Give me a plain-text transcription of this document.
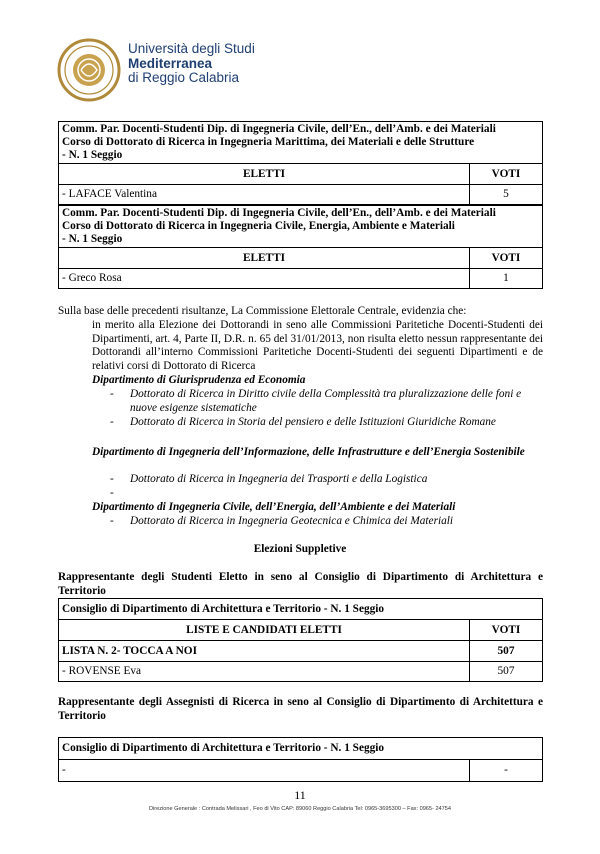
Università degli Studi
Mediterranea
di Reggio Calabria
Comm. Par. Docenti-Studenti Dip. di Ingegneria Civile, dell’En., dell’Amb. e dei Materiali
Corso di Dottorato di Ricerca in Ingegneria Marittima, dei Materiali e delle Strutture
- N. 1 Seggio	

ELETTI	VOTI
- LAFACE Valentina	5
Comm. Par. Docenti-Studenti Dip. di Ingegneria Civile, dell’En., dell’Amb. e dei Materiali
Corso di Dottorato di Ricerca in Ingegneria Civile, Energia, Ambiente e Materiali
- N. 1 Seggio	

ELETTI	VOTI
- Greco Rosa	1
Sulla base delle precedenti risultanze, La Commissione Elettorale Centrale, evidenzia che:
in merito alla Elezione dei Dottorandi in seno alle Commissioni Paritetiche Docenti-Studenti dei Dipartimenti, art. 4, Parte II, D.R. n. 65 del 31/01/2013, non risulta eletto nessun rappresentante dei Dottorandi all’interno Commissioni Paritetiche Docenti-Studenti dei seguenti Dipartimenti e de relativi corsi di Dottorato di Ricerca
Dipartimento di Giurisprudenza ed Economia
- Dottorato di Ricerca in Diritto civile della Complessità tra pluralizzazione delle foni e nuove esigenze sistematiche
- Dottorato di Ricerca in Storia del pensiero e delle Istituzioni Giuridiche Romane
Dipartimento di Ingegneria dell’Informazione, delle Infrastrutture e dell’Energia Sostenibile
- Dottorato di Ricerca in Ingegneria dei Trasporti e della Logistica
-
Dipartimento di Ingegneria Civile, dell’Energia, dell’Ambiente e dei Materiali
- Dottorato di Ricerca in Ingegneria Geotecnica e Chimica dei Materiali
Elezioni Suppletive
Rappresentante degli Studenti Eletto in seno al Consiglio di Dipartimento di Architettura e Territorio
Consiglio di Dipartimento di Architettura e Territorio - N. 1 Seggio	
LISTE E CANDIDATI ELETTI	VOTI
LISTA N. 2- TOCCA A NOI	507
- ROVENSE Eva	507
Rappresentante degli Assegnisti di Ricerca in seno al Consiglio di Dipartimento di Architettura e Territorio
Consiglio di Dipartimento di Architettura e Territorio - N. 1 Seggio
-	-
11
Direzione Generale : Contrada Melissari , Feo di Vito CAP: 89060 Reggio Calabria Tel: 0965-3695300 – Fax: 0965- 24754
